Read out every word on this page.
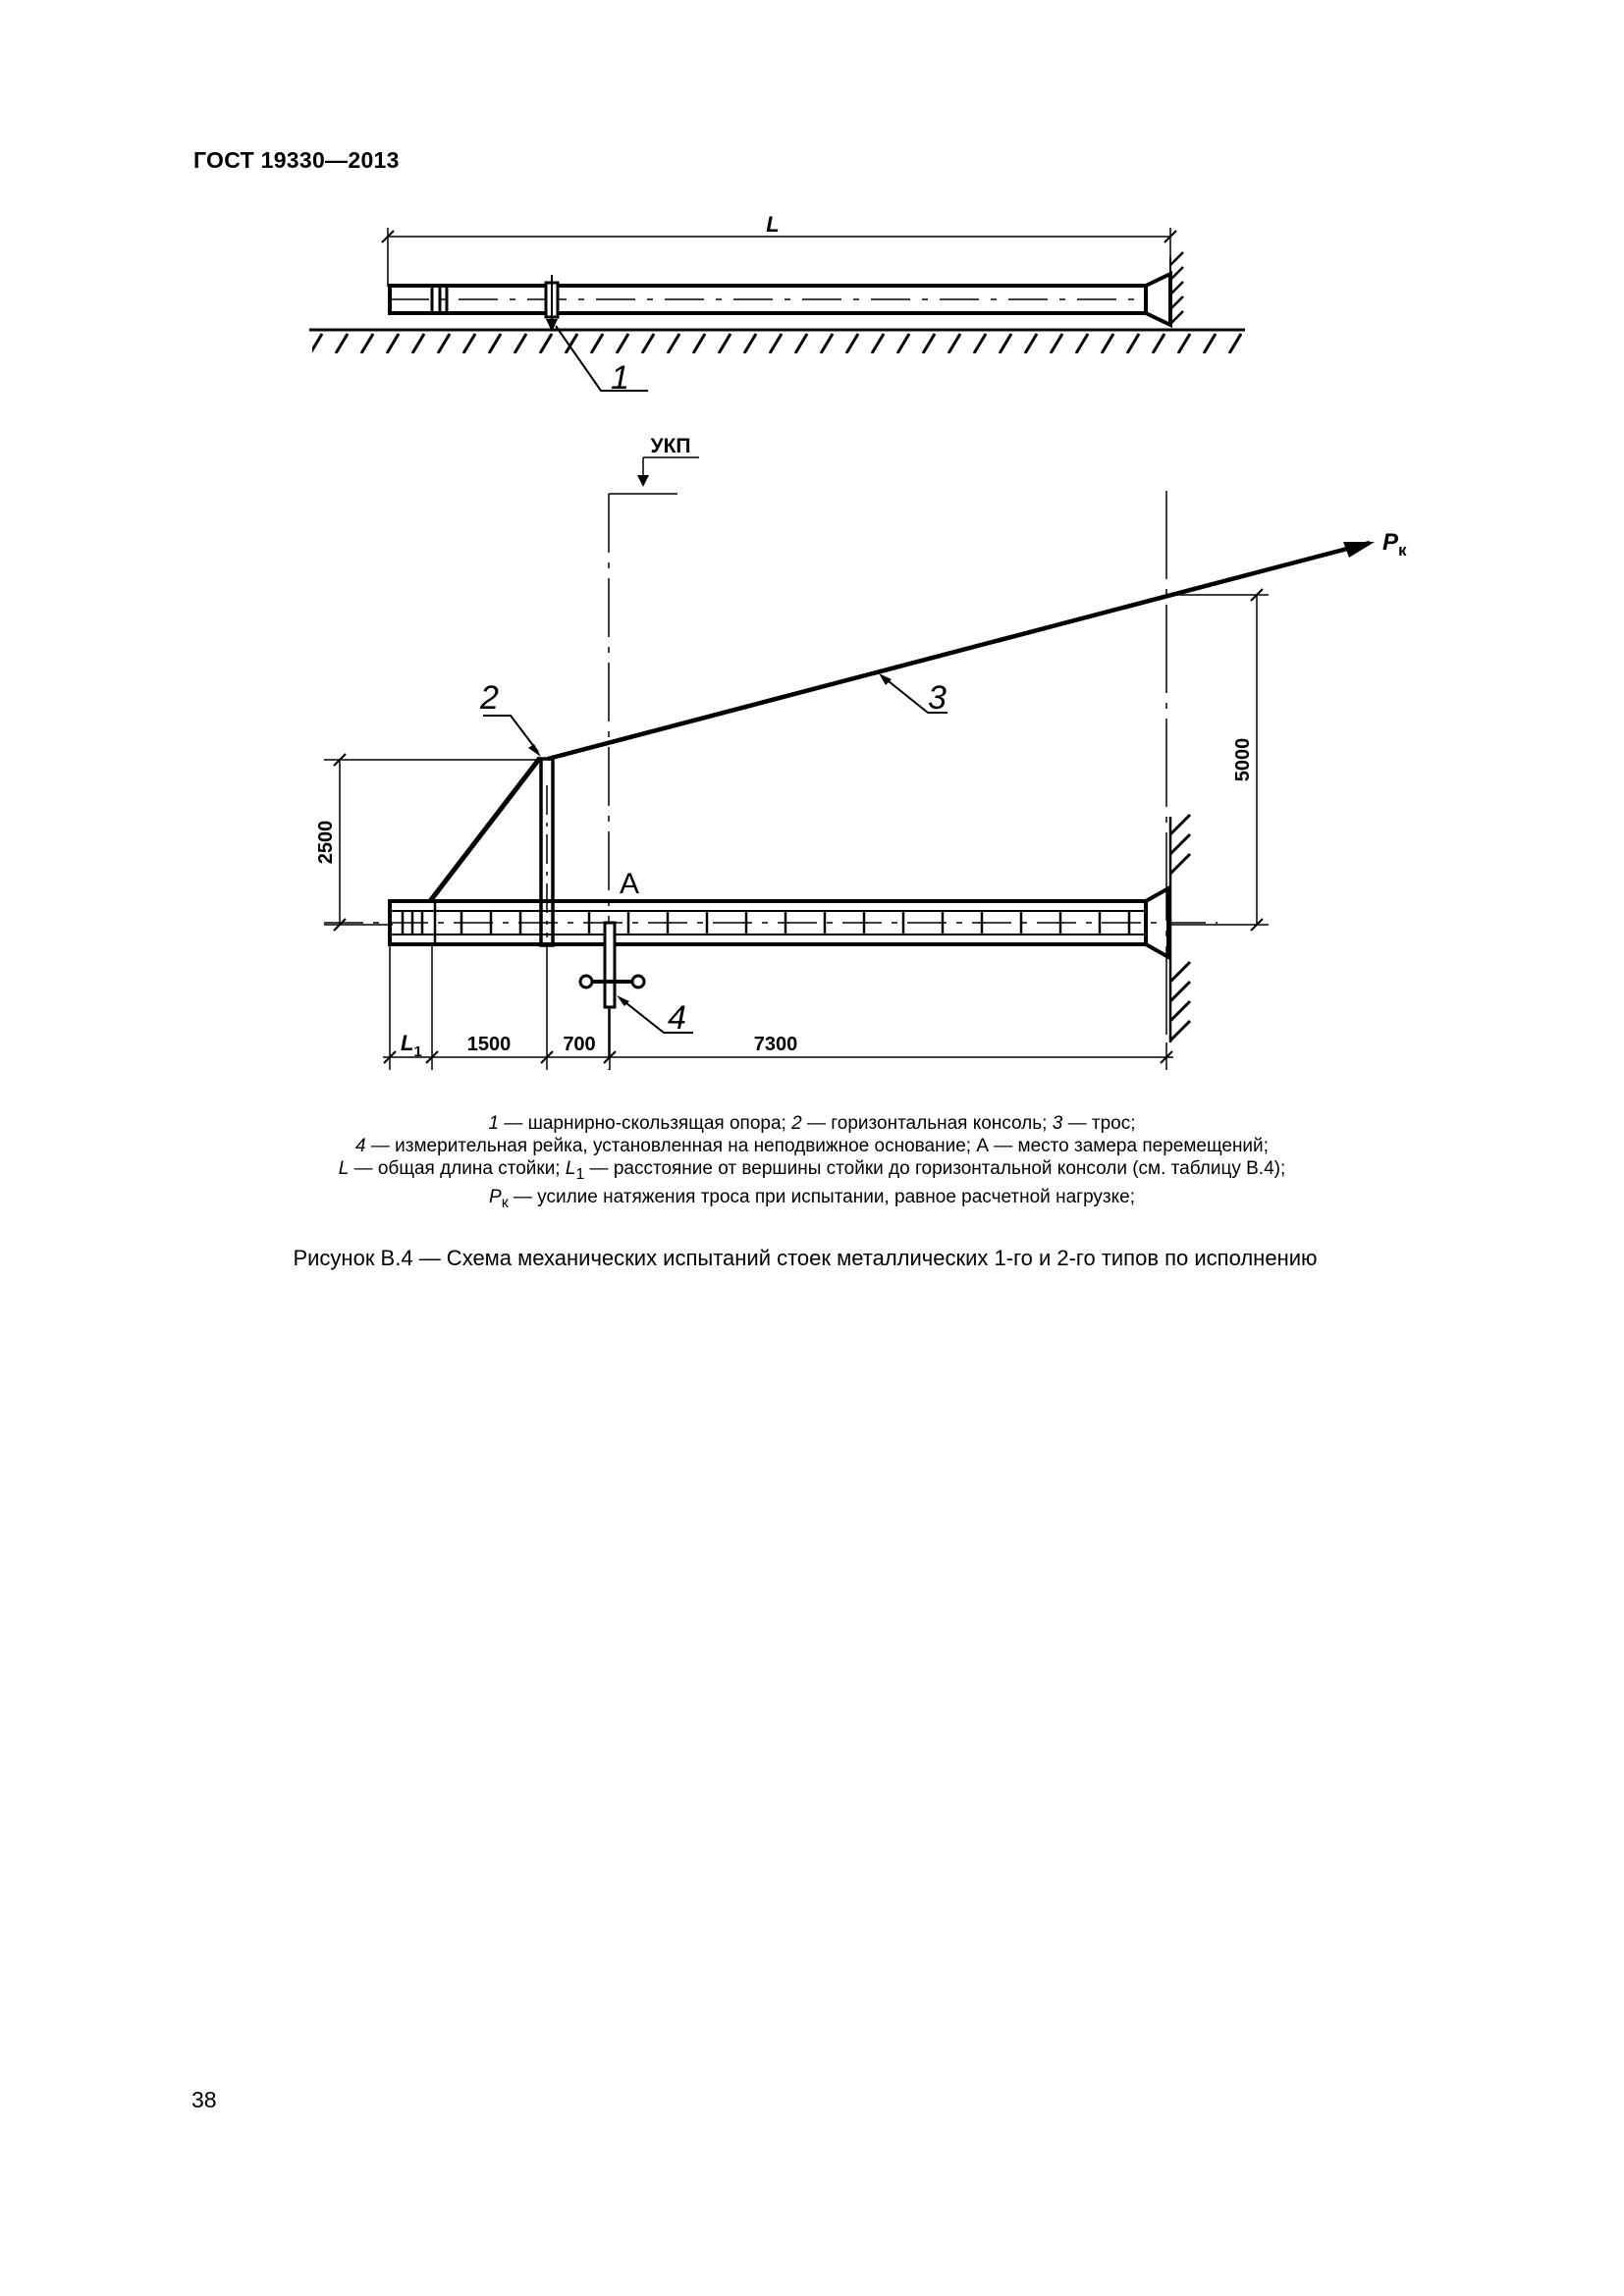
ГОСТ 19330—2013
L
1
УКП
$P_к$
3
2
A
4
2500
5000
$L_1$ 1500	700	7300
1 — шарнирно-скользящая опора; 2 — горизонтальная консоль; 3 — трос;
4 — измерительная рейка, установленная на неподвижное основание; А — место замера перемещений;
L — общая длина стойки; $L_1$ — расстояние от вершины стойки до горизонтальной консоли (см. таблицу В.4);
$P_к$ — усилие натяжения троса при испытании, равное расчетной нагрузке;
Рисунок В.4 — Схема механических испытаний стоек металлических 1-го и 2-го типов по исполнению
38
